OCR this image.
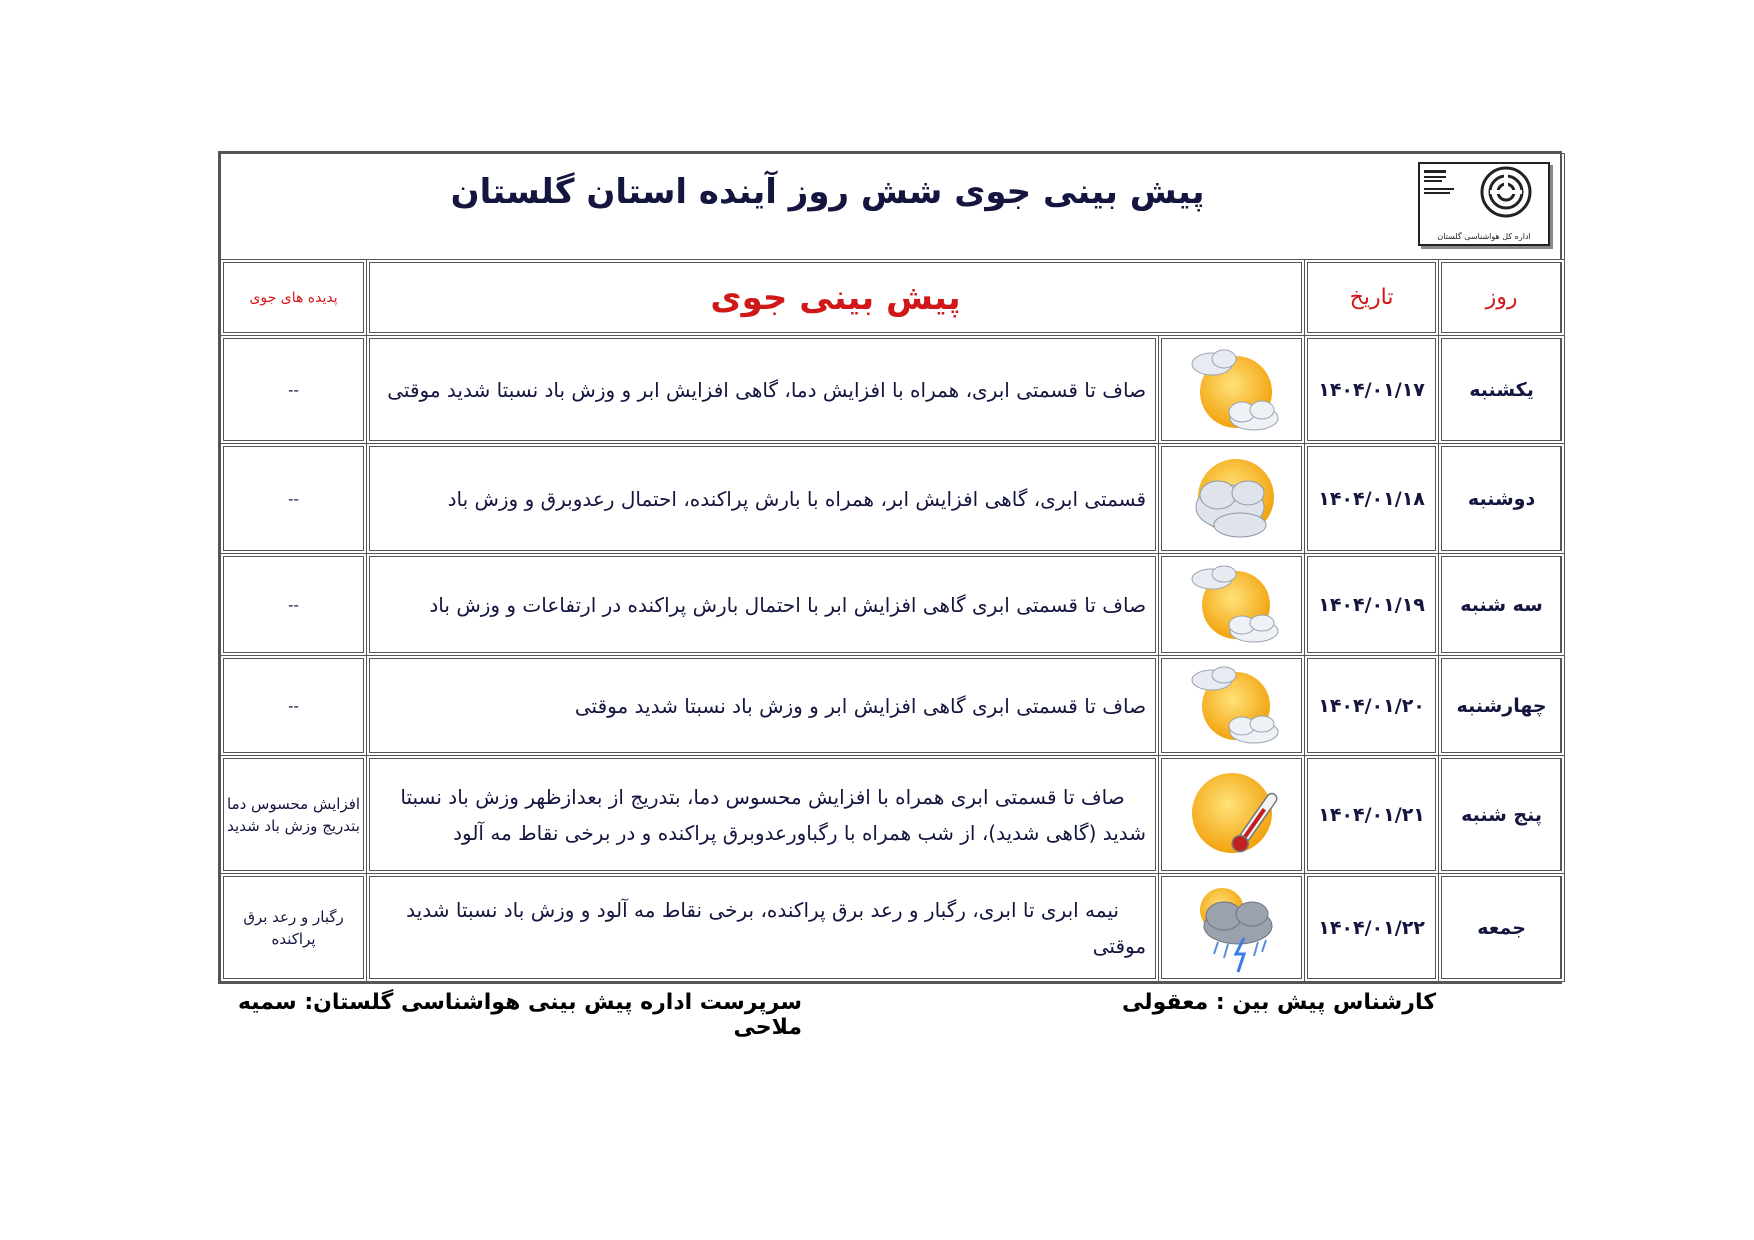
اداره کل هواشناسی گلستان
پیش بینی جوی شش روز آینده استان گلستان				

روز	تاریخ	پیش بینی جوی		پدیده های جوی
یکشنبه	۱۴۰۴/۰۱/۱۷		صاف تا قسمتی ابری، همراه با افزایش دما، گاهی افزایش ابر و وزش باد نسبتا شدید موقتی	--
دوشنبه	۱۴۰۴/۰۱/۱۸		قسمتی ابری، گاهی افزایش ابر، همراه با بارش پراکنده، احتمال رعدوبرق و وزش باد	--
سه شنبه	۱۴۰۴/۰۱/۱۹		صاف تا قسمتی ابری گاهی افزایش ابر با احتمال بارش پراکنده در ارتفاعات و وزش باد	--
چهارشنبه	۱۴۰۴/۰۱/۲۰		صاف تا قسمتی ابری گاهی افزایش ابر و وزش باد نسبتا شدید موقتی	--
پنج شنبه	۱۴۰۴/۰۱/۲۱		صاف تا قسمتی ابری همراه با افزایش محسوس دما، بتدریج از بعدازظهر وزش باد نسبتا شدید (گاهی شدید)، از شب همراه با رگباورعدوبرق پراکنده و در برخی نقاط مه آلود	افزایش محسوس دما بتدریج وزش باد شدید
جمعه	۱۴۰۴/۰۱/۲۲		نیمه ابری تا ابری، رگبار و رعد برق پراکنده، برخی نقاط مه آلود و وزش باد نسبتا شدید موقتی	رگبار و رعد برق پراکنده
کارشناس پیش بین : معقولی
سرپرست اداره پیش بینی هواشناسی گلستان: سمیه ملاحی
